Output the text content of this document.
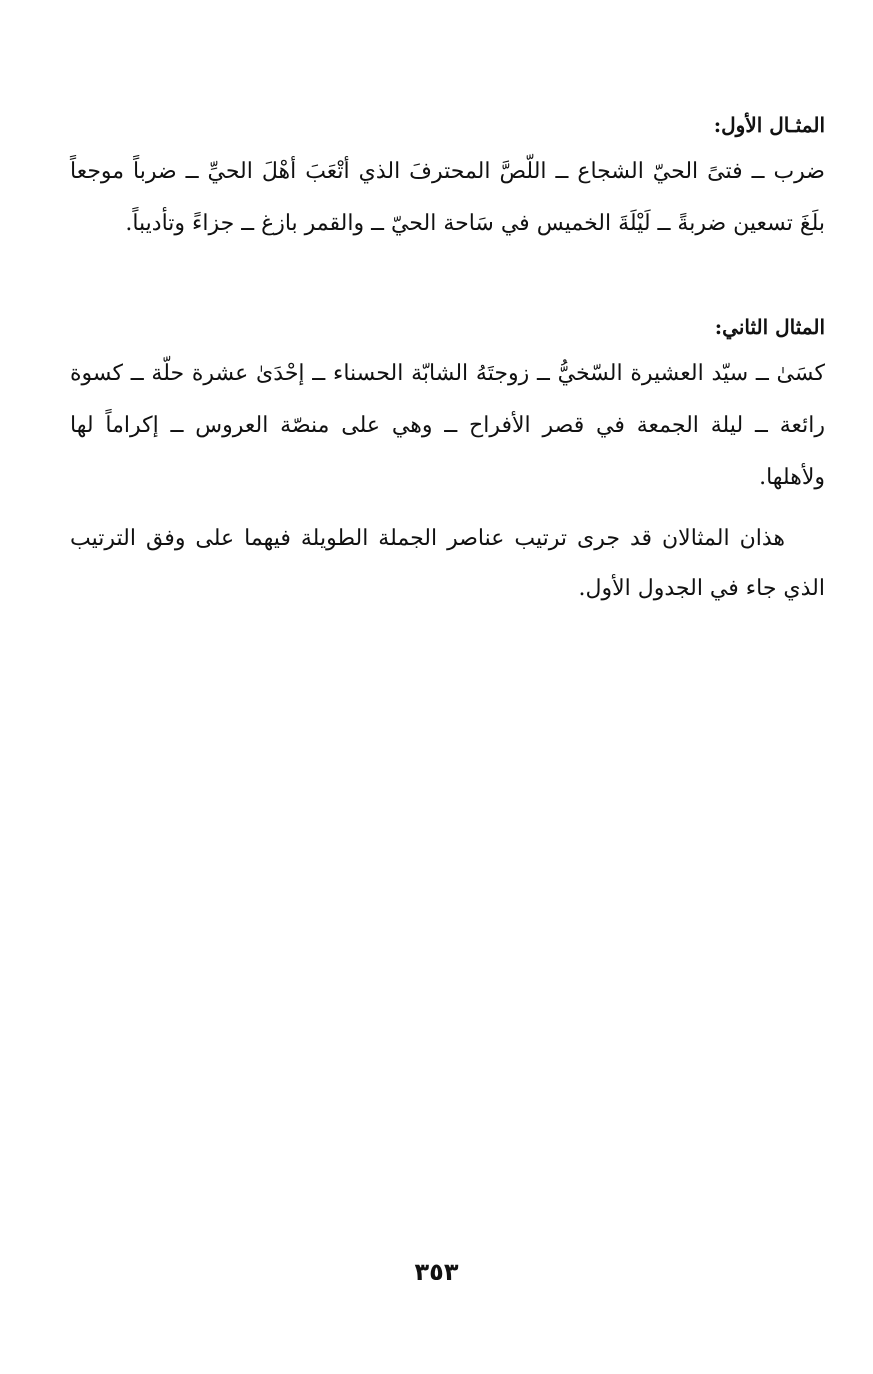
المثـال الأول:

ضرب ــ فتىً الحيّ الشجاع ــ اللّصَّ المحترفَ الذي أتْعَبَ أهْلَ الحيِّ ــ ضرباً موجعاً بلَغَ تسعين ضربةً ــ لَيْلَةَ الخميس في سَاحة الحيّ ــ والقمر بازغ ــ جزاءً وتأديباً.

المثال الثاني:

كسَىٰ ــ سيّد العشيرة السّخيُّ ــ زوجتَهُ الشابّة الحسناء ــ إحْدَىٰ عشرة حلّة ــ كسوة رائعة ــ ليلة الجمعة في قصر الأفراح ــ وهي على منصّة العروس ــ إكراماً لها ولأهلها.

هذان المثالان قد جرى ترتيب عناصر الجملة الطويلة فيهما على وفق الترتيب الذي جاء في الجدول الأول.

٣٥٣
